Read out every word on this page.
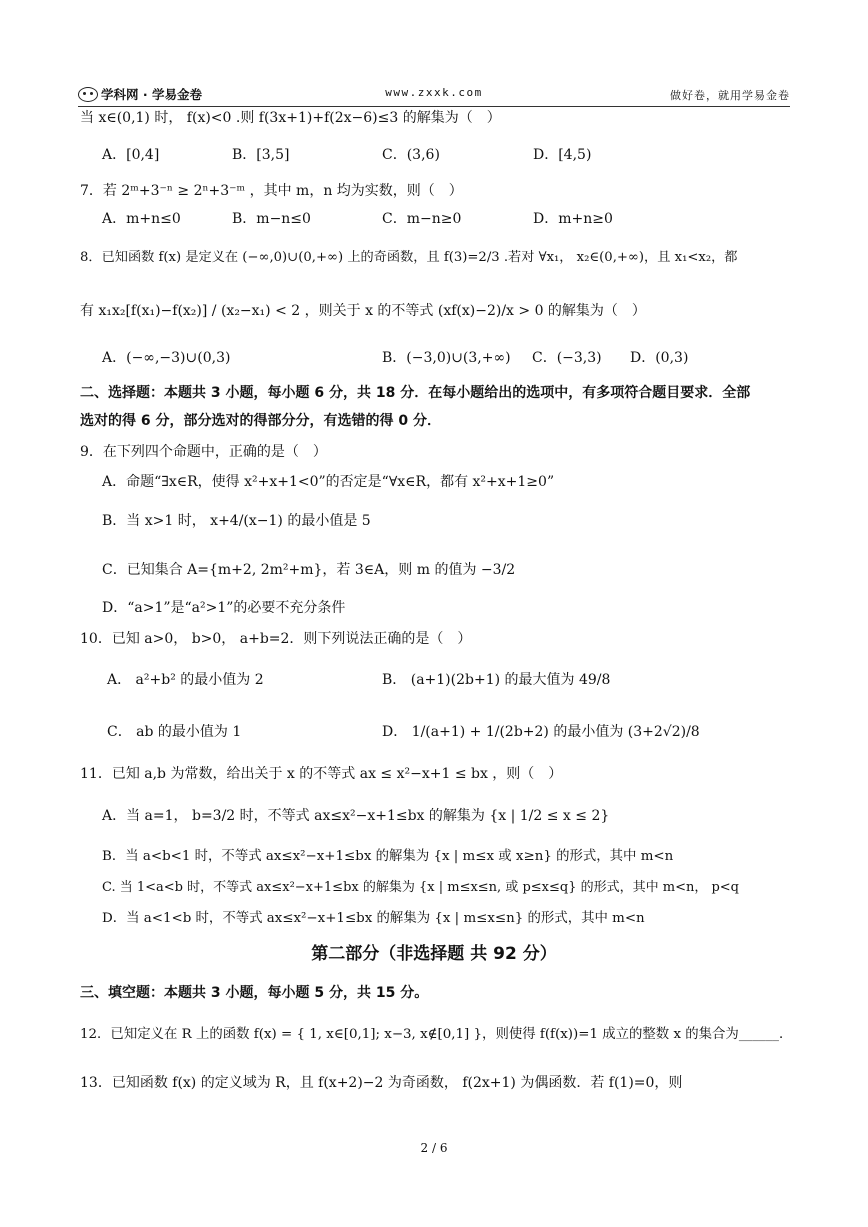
学科网 · 学易金卷	www.zxxk.com	做好卷，就用学易金卷
当 x∈(0,1) 时， f(x)<0 .则 f(3x+1)+f(2x−6)≤3 的解集为（　）
A．[0,4]	B．[3,5]	C．(3,6)	D．[4,5)
7．若 2ᵐ+3⁻ⁿ ≥ 2ⁿ+3⁻ᵐ ，其中 m，n 均为实数，则（　）
A．m+n≤0	B．m−n≤0	C．m−n≥0	D．m+n≥0
8．已知函数 f(x) 是定义在 (−∞,0)∪(0,+∞) 上的奇函数，且 f(3)=2/3 .若对 ∀x₁， x₂∈(0,+∞)，且 x₁<x₂，都
有 x₁x₂[f(x₁)−f(x₂)] / (x₂−x₁) < 2 ，则关于 x 的不等式 (xf(x)−2)/x > 0 的解集为（　）
A．(−∞,−3)∪(0,3)	B．(−3,0)∪(3,+∞) C．(−3,3) D．(0,3)
二、选择题：本题共 3 小题，每小题 6 分，共 18 分．在每小题给出的选项中，有多项符合题目要求．全部
选对的得 6 分，部分选对的得部分分，有选错的得 0 分．
9．在下列四个命题中，正确的是（　）
A．命题“∃x∈R，使得 x²+x+1<0”的否定是“∀x∈R，都有 x²+x+1≥0”
B．当 x>1 时， x+4/(x−1) 的最小值是 5
C．已知集合 A={m+2, 2m²+m}，若 3∈A，则 m 的值为 −3/2
D．“a>1”是“a²>1”的必要不充分条件
10．已知 a>0， b>0， a+b=2．则下列说法正确的是（　）
A． a²+b² 的最小值为 2	B． (a+1)(2b+1) 的最大值为 49/8
C． ab 的最小值为 1	D． 1/(a+1) + 1/(2b+2) 的最小值为 (3+2√2)/8
11．已知 a,b 为常数，给出关于 x 的不等式 ax ≤ x²−x+1 ≤ bx ，则（　）
A．当 a=1， b=3/2 时，不等式 ax≤x²−x+1≤bx 的解集为 {x | 1/2 ≤ x ≤ 2}
B．当 a<b<1 时，不等式 ax≤x²−x+1≤bx 的解集为 {x | m≤x 或 x≥n} 的形式，其中 m<n
C. 当 1<a<b 时，不等式 ax≤x²−x+1≤bx 的解集为 {x | m≤x≤n, 或 p≤x≤q} 的形式，其中 m<n， p<q
D．当 a<1<b 时，不等式 ax≤x²−x+1≤bx 的解集为 {x | m≤x≤n} 的形式，其中 m<n
第二部分（非选择题 共 92 分）
三、填空题：本题共 3 小题，每小题 5 分，共 15 分。
12．已知定义在 R 上的函数 f(x) = { 1, x∈[0,1]; x−3, x∉[0,1] }，则使得 f(f(x))=1 成立的整数 x 的集合为______．
13．已知函数 f(x) 的定义域为 R，且 f(x+2)−2 为奇函数， f(2x+1) 为偶函数．若 f(1)=0，则
2 / 6
